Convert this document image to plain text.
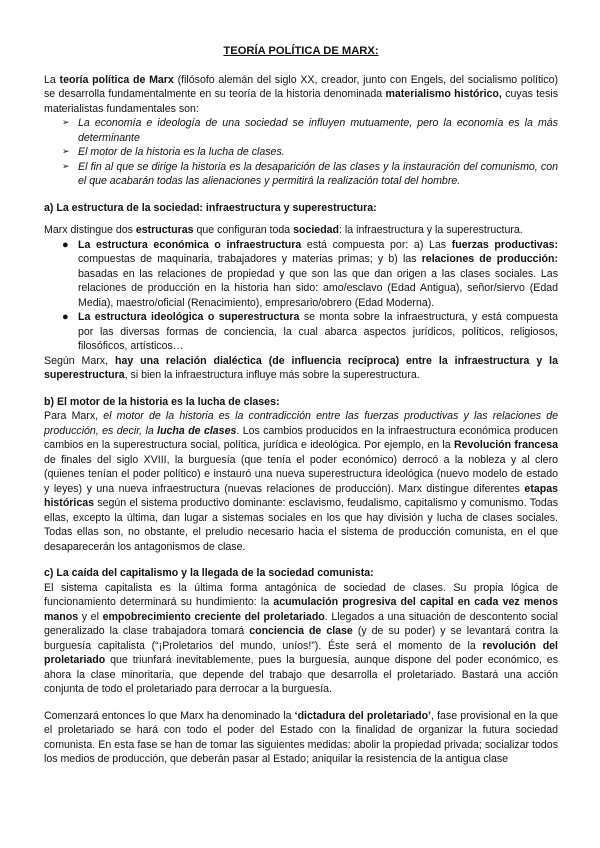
TEORÍA POLÍTICA DE MARX:

La teoría política de Marx (filósofo alemán del siglo XX, creador, junto con Engels, del socialismo político) se desarrolla fundamentalmente en su teoría de la historia denominada materialismo histórico, cuyas tesis materialistas fundamentales son:

➢ La economía e ideología de una sociedad se influyen mutuamente, pero la economía es la más determinante
➢ El motor de la historia es la lucha de clases.
➢ El fin al que se dirige la historia es la desaparición de las clases y la instauración del comunismo, con el que acabarán todas las alienaciones y permitirá la realización total del hombre.

a) La estructura de la sociedad: infraestructura y superestructura:

Marx distingue dos estructuras que configuran toda sociedad: la infraestructura y la superestructura.

● La estructura económica o infraestructura está compuesta por: a) Las fuerzas productivas: compuestas de maquinaria, trabajadores y materias primas; y b) las relaciones de producción: basadas en las relaciones de propiedad y que son las que dan origen a las clases sociales. Las relaciones de producción en la historia han sido: amo/esclavo (Edad Antigua), señor/siervo (Edad Media), maestro/oficial (Renacimiento), empresario/obrero (Edad Moderna).
● La estructura ideológica o superestructura se monta sobre la infraestructura, y está compuesta por las diversas formas de conciencia, la cual abarca aspectos jurídicos, políticos, religiosos, filosóficos, artísticos…

Según Marx, hay una relación dialéctica (de influencia recíproca) entre la infraestructura y la superestructura, si bien la infraestructura influye más sobre la superestructura.

b) El motor de la historia es la lucha de clases:

Para Marx, el motor de la historia es la contradicción entre las fuerzas productivas y las relaciones de producción, es decir, la lucha de clases. Los cambios producidos en la infraestructura económica producen cambios en la superestructura social, política, jurídica e ideológica. Por ejemplo, en la Revolución francesa de finales del siglo XVIII, la burguesía (que tenía el poder económico) derrocó a la nobleza y al clero (quienes tenían el poder político) e instauró una nueva superestructura ideológica (nuevo modelo de estado y leyes) y una nueva infraestructura (nuevas relaciones de producción). Marx distingue diferentes etapas históricas según el sistema productivo dominante: esclavismo, feudalismo, capitalismo y comunismo. Todas ellas, excepto la última, dan lugar a sistemas sociales en los que hay división y lucha de clases sociales. Todas ellas son, no obstante, el preludio necesario hacia el sistema de producción comunista, en el que desaparecerán los antagonismos de clase.

c) La caída del capitalismo y la llegada de la sociedad comunista:

El sistema capitalista es la última forma antagónica de sociedad de clases. Su propia lógica de funcionamiento determinará su hundimiento: la acumulación progresiva del capital en cada vez menos manos y el empobrecimiento creciente del proletariado. Llegados a una situación de descontento social generalizado la clase trabajadora tomará conciencia de clase (y de su poder) y se levantará contra la burguesía capitalista (“¡Proletarios del mundo, uníos!”). Éste será el momento de la revolución del proletariado que triunfará inevitablemente, pues la burguesía, aunque dispone del poder económico, es ahora la clase minoritaria, que depende del trabajo que desarrolla el proletariado. Bastará una acción conjunta de todo el proletariado para derrocar a la burguesía.

Comenzará entonces lo que Marx ha denominado la ‘dictadura del proletariado’, fase provisional en la que el proletariado se hará con todo el poder del Estado con la finalidad de organizar la futura sociedad comunista. En esta fase se han de tomar las siguientes medidas: abolir la propiedad privada; socializar todos los medios de producción, que deberán pasar al Estado; aniquilar la resistencia de la antigua clase
